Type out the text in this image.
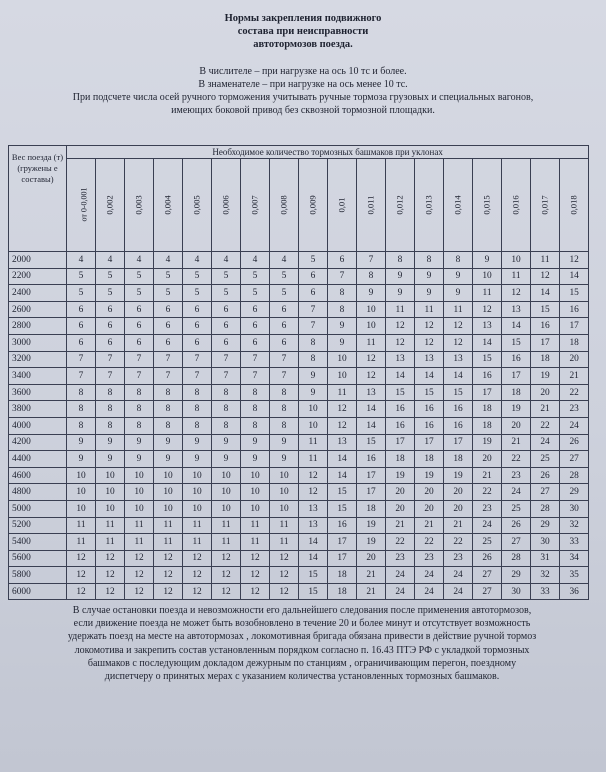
Нормы закрепления подвижного
состава при неисправности
автотормозов поезда.
В числителе – при нагрузке на ось 10 тс и более.
В знаменателе – при нагрузке на ось менее 10 тс.
При подсчете числа осей ручного торможения учитывать ручные тормоза грузовых и специальных вагонов,
имеющих боковой привод без сквозной тормозной площадки.
Вес поезда (т) (гружены е составы)	Необходимое количество тормозных башмаков при уклонах																	
	от 0-0,001	0,002	0,003	0,004	0,005	0,006	0,007	0,008	0,009	0,01	0,011	0,012	0,013	0,014	0,015	0,016	0,017	0,018
2000	4	4	4	4	4	4	4	4	5	6	7	8	8	8	9	10	11	12
2200	5	5	5	5	5	5	5	5	6	7	8	9	9	9	10	11	12	14
2400	5	5	5	5	5	5	5	5	6	8	9	9	9	9	11	12	14	15
2600	6	6	6	6	6	6	6	6	7	8	10	11	11	11	12	13	15	16
2800	6	6	6	6	6	6	6	6	7	9	10	12	12	12	13	14	16	17
3000	6	6	6	6	6	6	6	6	8	9	11	12	12	12	14	15	17	18
3200	7	7	7	7	7	7	7	7	8	10	12	13	13	13	15	16	18	20
3400	7	7	7	7	7	7	7	7	9	10	12	14	14	14	16	17	19	21
3600	8	8	8	8	8	8	8	8	9	11	13	15	15	15	17	18	20	22
3800	8	8	8	8	8	8	8	8	10	12	14	16	16	16	18	19	21	23
4000	8	8	8	8	8	8	8	8	10	12	14	16	16	16	18	20	22	24
4200	9	9	9	9	9	9	9	9	11	13	15	17	17	17	19	21	24	26
4400	9	9	9	9	9	9	9	9	11	14	16	18	18	18	20	22	25	27
4600	10	10	10	10	10	10	10	10	12	14	17	19	19	19	21	23	26	28
4800	10	10	10	10	10	10	10	10	12	15	17	20	20	20	22	24	27	29
5000	10	10	10	10	10	10	10	10	13	15	18	20	20	20	23	25	28	30
5200	11	11	11	11	11	11	11	11	13	16	19	21	21	21	24	26	29	32
5400	11	11	11	11	11	11	11	11	14	17	19	22	22	22	25	27	30	33
5600	12	12	12	12	12	12	12	12	14	17	20	23	23	23	26	28	31	34
5800	12	12	12	12	12	12	12	12	15	18	21	24	24	24	27	29	32	35
6000	12	12	12	12	12	12	12	12	15	18	21	24	24	24	27	30	33	36
В случае остановки поезда и невозможности его дальнейшего следования после применения автотормозов,
если движение поезда не может быть возобновлено в течение 20 и более минут и отсутствует возможность
удержать поезд на месте на автотормозах , локомотивная бригада обязана привести в действие ручной тормоз
локомотива и закрепить состав установленным порядком согласно п. 16.43 ПТЭ РФ с укладкой тормозных
башмаков с последующим докладом дежурным по станциям , ограничивающим перегон, поездному
диспетчеру о принятых мерах с указанием количества установленных тормозных башмаков.
